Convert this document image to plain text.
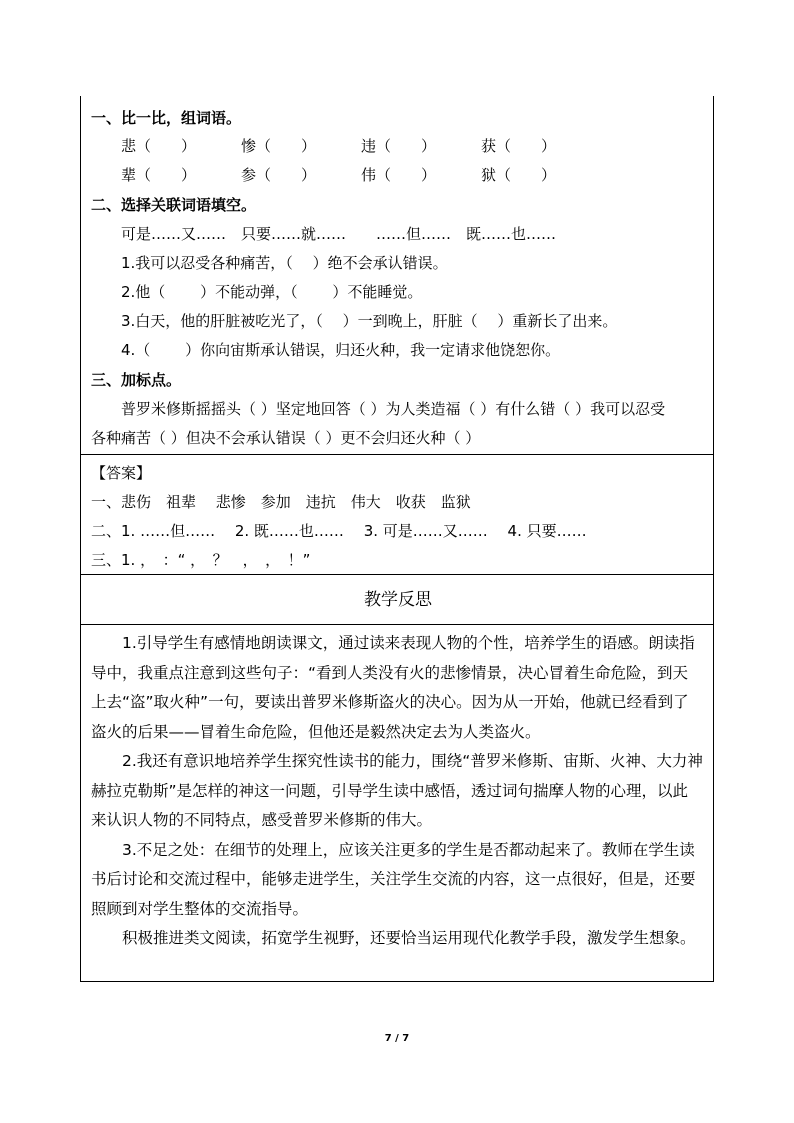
一、比一比，组词语。
悲（　　）	惨（　　）	违（　　）	获（　　）
辈（　　）	参（　　）	伟（　　）	狱（　　）
二、选择关联词语填空。
可是……又……　只要……就……　　……但……　既……也……
1.我可以忍受各种痛苦，（　 ）绝不会承认错误。
2.他（　　 ）不能动弹，（　　 ）不能睡觉。
3.白天，他的肝脏被吃光了，（　 ）一到晚上，肝脏（　 ）重新长了出来。
4.（　　 ）你向宙斯承认错误，归还火种，我一定请求他饶恕你。
三、加标点。
普罗米修斯摇摇头（ ）坚定地回答（ ）为人类造福（ ）有什么错（ ）我可以忍受
各种痛苦（ ）但决不会承认错误（ ）更不会归还火种（ ）
【答案】
一、悲伤　祖辈　 悲惨　参加　违抗　伟大　收获　监狱
二、1. ……但……　 2. 既……也……　 3. 可是……又……　 4. 只要……
三、1. ，　：“ ，　？　，　，　！”
教学反思

1.引导学生有感情地朗读课文，通过读来表现人物的个性，培养学生的语感。朗读指导中，我重点注意到这些句子：“看到人类没有火的悲惨情景，决心冒着生命危险，到天上去“盗”取火种”一句，要读出普罗米修斯盗火的决心。因为从一开始，他就已经看到了盗火的后果——冒着生命危险，但他还是毅然决定去为人类盗火。

2.我还有意识地培养学生探究性读书的能力，围绕“普罗米修斯、宙斯、火神、大力神赫拉克勒斯”是怎样的神这一问题，引导学生读中感悟，透过词句揣摩人物的心理，以此来认识人物的不同特点，感受普罗米修斯的伟大。

3.不足之处：在细节的处理上，应该关注更多的学生是否都动起来了。教师在学生读书后讨论和交流过程中，能够走进学生，关注学生交流的内容，这一点很好，但是，还要照顾到对学生整体的交流指导。

积极推进类文阅读，拓宽学生视野，还要恰当运用现代化教学手段，激发学生想象。

7 / 7
